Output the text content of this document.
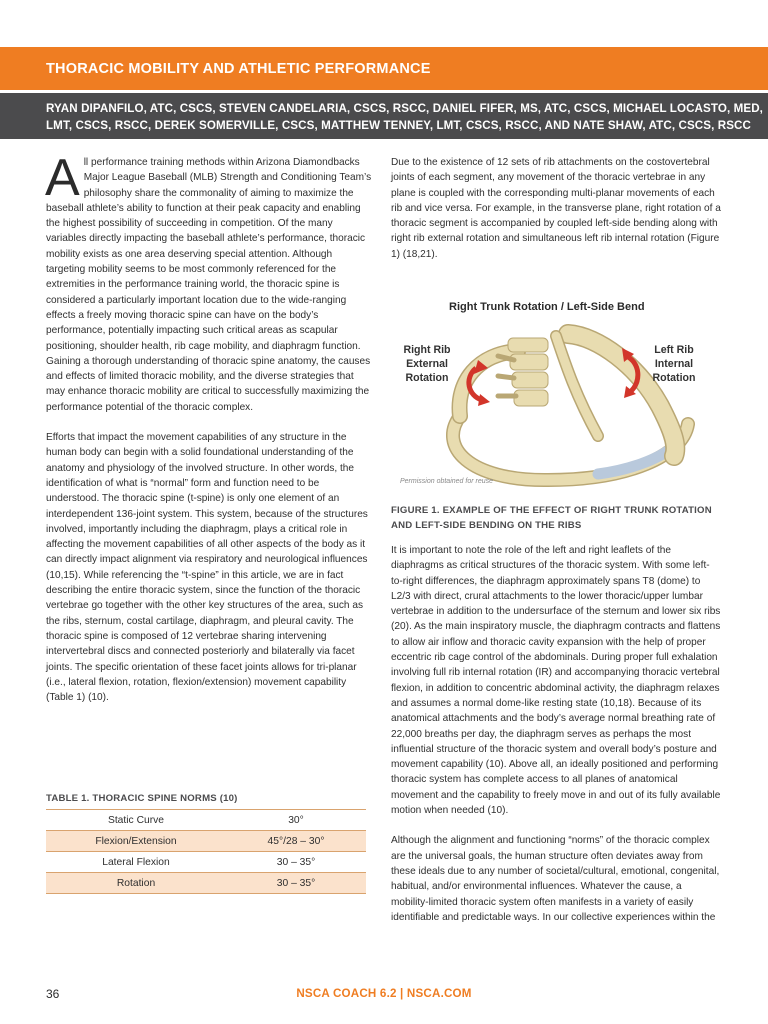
THORACIC MOBILITY AND ATHLETIC PERFORMANCE
RYAN DIPANFILO, ATC, CSCS, STEVEN CANDELARIA, CSCS, RSCC, DANIEL FIFER, MS, ATC, CSCS, MICHAEL LOCASTO, MED,
LMT, CSCS, RSCC, DEREK SOMERVILLE, CSCS, MATTHEW TENNEY, LMT, CSCS, RSCC, AND NATE SHAW, ATC, CSCS, RSCC

All performance training methods within Arizona Diamondbacks Major League Baseball (MLB) Strength and Conditioning Team’s philosophy share the commonality of aiming to maximize the baseball athlete’s ability to function at their peak capacity and enabling the highest possibility of succeeding in competition. Of the many variables directly impacting the baseball athlete’s performance, thoracic mobility exists as one area deserving special attention. Although targeting mobility seems to be most commonly referenced for the extremities in the performance training world, the thoracic spine is considered a particularly important location due to the wide-ranging effects a freely moving thoracic spine can have on the body’s performance, potentially impacting such critical areas as scapular positioning, shoulder health, rib cage mobility, and diaphragm function. Gaining a thorough understanding of thoracic spine anatomy, the causes and effects of limited thoracic mobility, and the diverse strategies that may enhance thoracic mobility are critical to successfully maximizing the performance potential of the thoracic complex.

Efforts that impact the movement capabilities of any structure in the human body can begin with a solid foundational understanding of the anatomy and physiology of the involved structure. In other words, the identification of what is “normal” form and function need to be understood. The thoracic spine (t-spine) is only one element of an interdependent 136-joint system. This system, because of the structures involved, importantly including the diaphragm, plays a critical role in affecting the movement capabilities of all other aspects of the body as it can directly impact alignment via respiratory and neurological influences (10,15). While referencing the “t-spine” in this article, we are in fact describing the entire thoracic system, since the function of the thoracic vertebrae go together with the other key structures of the area, such as the ribs, sternum, costal cartilage, diaphragm, and pleural cavity. The thoracic spine is composed of 12 vertebrae sharing intervening intervertebral discs and connected posteriorly and bilaterally via facet joints. The specific orientation of these facet joints allows for tri-planar (i.e., lateral flexion, rotation, flexion/extension) movement capability (Table 1) (10).

TABLE 1. THORACIC SPINE NORMS (10)
Static Curve	30°
Flexion/Extension	45°/28 – 30°
Lateral Flexion	30 – 35°
Rotation	30 – 35°

Due to the existence of 12 sets of rib attachments on the costovertebral joints of each segment, any movement of the thoracic vertebrae in any plane is coupled with the corresponding multi-planar movements of each rib and vice versa. For example, in the transverse plane, right rotation of a thoracic segment is accompanied by coupled left-side bending along with right rib external rotation and simultaneous left rib internal rotation (Figure 1) (18,21).

Right Trunk Rotation / Left-Side Bend
Right Rib External Rotation
Left Rib Internal Rotation
Permission obtained for reuse
FIGURE 1. EXAMPLE OF THE EFFECT OF RIGHT TRUNK ROTATION AND LEFT-SIDE BENDING ON THE RIBS

It is important to note the role of the left and right leaflets of the diaphragms as critical structures of the thoracic system. With some left-to-right differences, the diaphragm approximately spans T8 (dome) to L2/3 with direct, crural attachments to the lower thoracic/upper lumbar vertebrae in addition to the undersurface of the sternum and lower six ribs (20). As the main inspiratory muscle, the diaphragm contracts and flattens to allow air inflow and thoracic cavity expansion with the help of proper eccentric rib cage control of the abdominals. During proper full exhalation involving full rib internal rotation (IR) and accompanying thoracic vertebral flexion, in addition to concentric abdominal activity, the diaphragm relaxes and assumes a normal dome-like resting state (10,18). Because of its anatomical attachments and the body’s average normal breathing rate of 22,000 breaths per day, the diaphragm serves as perhaps the most influential structure of the thoracic system and overall body’s posture and movement capability (10). Above all, an ideally positioned and performing thoracic system has complete access to all planes of anatomical movement and the capability to freely move in and out of its fully available motion when needed (10).

Although the alignment and functioning “norms” of the thoracic complex are the universal goals, the human structure often deviates away from these ideals due to any number of societal/cultural, emotional, congenital, habitual, and/or environmental influences. Whatever the cause, a mobility-limited thoracic system often manifests in a variety of easily identifiable and predictable ways. In our collective experiences within the

36	NSCA COACH 6.2 | NSCA.COM
